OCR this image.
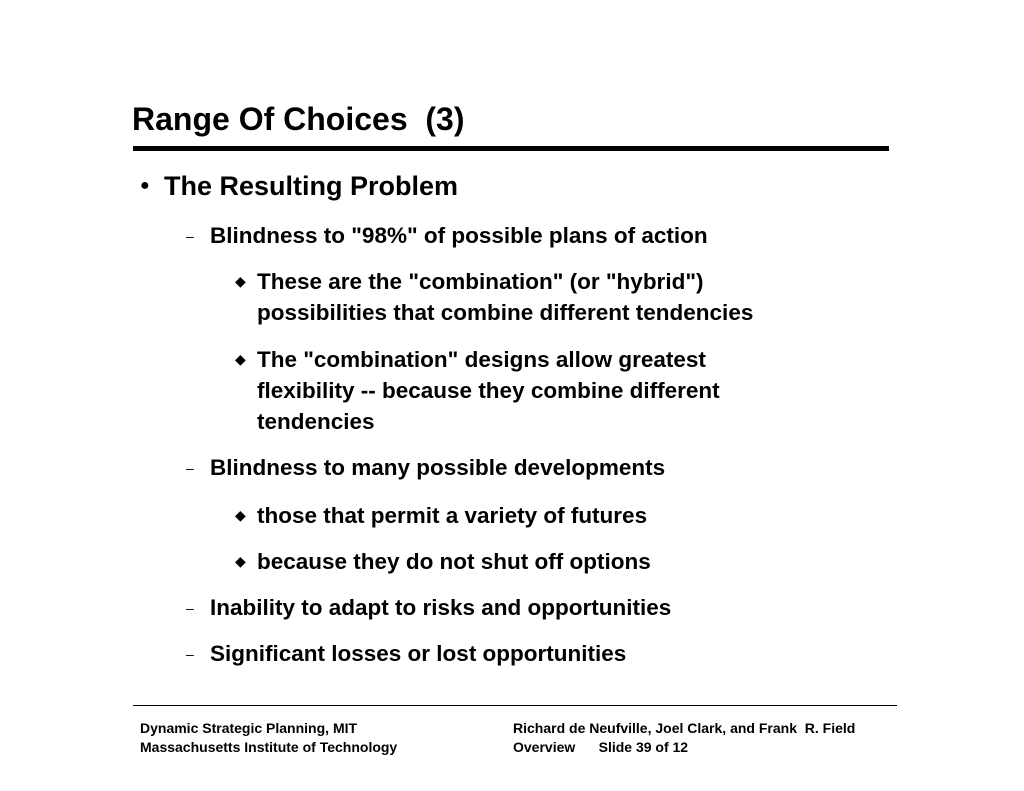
Range Of Choices  (3)
● The Resulting Problem
– Blindness to "98%" of possible plans of action
◆ These are the "combination" (or "hybrid")
possibilities that combine different tendencies
◆ The "combination" designs allow greatest
flexibility -- because they combine different
tendencies
– Blindness to many possible developments
◆ those that permit a variety of futures
◆ because they do not shut off options
– Inability to adapt to risks and opportunities
– Significant losses or lost opportunities
Dynamic Strategic Planning, MIT
Massachusetts Institute of Technology
Richard de Neufville, Joel Clark, and Frank  R. Field
Overview      Slide 39 of 12
